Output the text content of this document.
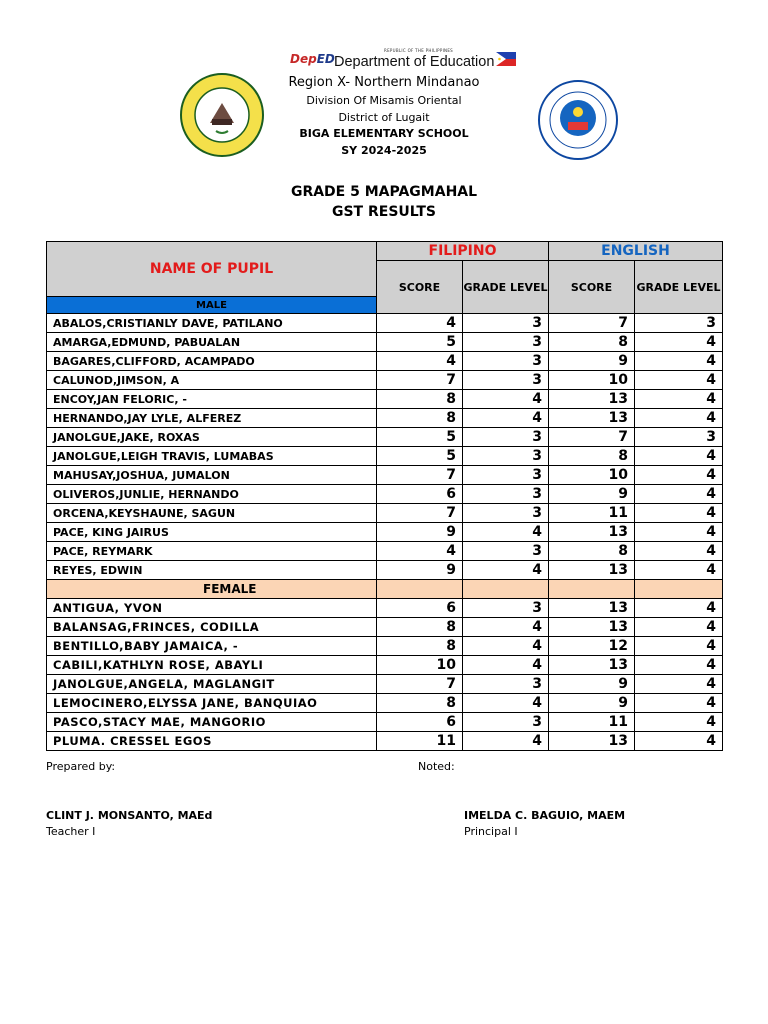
REPUBLIC OF THE PHILIPPINES
DepED Department of Education
Region X- Northern Mindanao
Division Of Misamis Oriental
District of Lugait
BIGA ELEMENTARY SCHOOL
SY 2024-2025
GRADE 5 MAPAGMAHAL
GST RESULTS
NAME OF PUPIL	FILIPINO		ENGLISH	
	SCORE	GRADE LEVEL	SCORE	GRADE LEVEL
MALE				
ABALOS,CRISTIANLY DAVE, PATILANO	4	3	7	3
AMARGA,EDMUND, PABUALAN	5	3	8	4
BAGARES,CLIFFORD, ACAMPADO	4	3	9	4
CALUNOD,JIMSON, A	7	3	10	4
ENCOY,JAN FELORIC, -	8	4	13	4
HERNANDO,JAY LYLE, ALFEREZ	8	4	13	4
JANOLGUE,JAKE, ROXAS	5	3	7	3
JANOLGUE,LEIGH TRAVIS, LUMABAS	5	3	8	4
MAHUSAY,JOSHUA, JUMALON	7	3	10	4
OLIVEROS,JUNLIE, HERNANDO	6	3	9	4
ORCENA,KEYSHAUNE, SAGUN	7	3	11	4
PACE, KING JAIRUS	9	4	13	4
PACE, REYMARK	4	3	8	4
REYES, EDWIN	9	4	13	4
FEMALE				
ANTIGUA, YVON	6	3	13	4
BALANSAG,FRINCES, CODILLA	8	4	13	4
BENTILLO,BABY JAMAICA, -	8	4	12	4
CABILI,KATHLYN ROSE, ABAYLI	10	4	13	4
JANOLGUE,ANGELA, MAGLANGIT	7	3	9	4
LEMOCINERO,ELYSSA JANE, BANQUIAO	8	4	9	4
PASCO,STACY MAE, MANGORIO	6	3	11	4
PLUMA. CRESSEL EGOS	11	4	13	4
Prepared by:	Noted:
CLINT J. MONSANTO, MAEd
Teacher I
IMELDA C. BAGUIO, MAEM
Principal I
